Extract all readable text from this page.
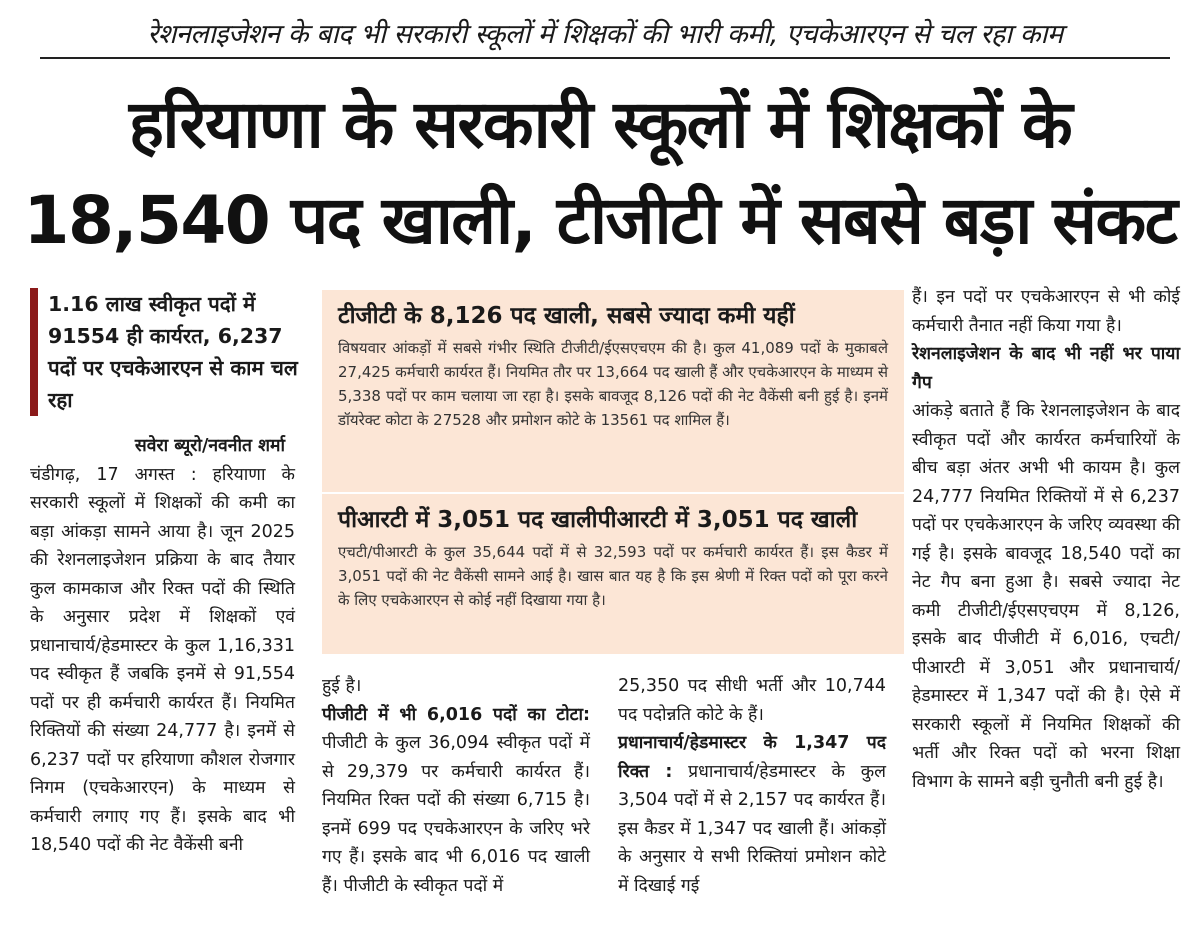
रेशनलाइजेशन के बाद भी सरकारी स्कूलों में शिक्षकों की भारी कमी, एचकेआरएन से चल रहा काम
हरियाणा के सरकारी स्कूलों में शिक्षकों के
18,540 पद खाली, टीजीटी में सबसे बड़ा संकट
1.16 लाख स्वीकृत पदों में 91554 ही कार्यरत, 6,237 पदों पर एचकेआरएन से काम चल रहा

सवेरा ब्यूरो/नवनीत शर्मा

चंडीगढ़, 17 अगस्त : हरियाणा के सरकारी स्कूलों में शिक्षकों की कमी का बड़ा आंकड़ा सामने आया है। जून 2025 की रेशनलाइजेशन प्रक्रिया के बाद तैयार कुल कामकाज और रिक्त पदों की स्थिति के अनुसार प्रदेश में शिक्षकों एवं प्रधानाचार्य/हेडमास्टर के कुल 1,16,331 पद स्वीकृत हैं जबकि इनमें से 91,554 पदों पर ही कर्मचारी कार्यरत हैं। नियमित रिक्तियों की संख्या 24,777 है। इनमें से 6,237 पदों पर हरियाणा कौशल रोजगार निगम (एचकेआरएन) के माध्यम से कर्मचारी लगाए गए हैं। इसके बाद भी 18,540 पदों की नेट वैकेंसी बनी

टीजीटी के 8,126 पद खाली, सबसे ज्यादा कमी यहीं
विषयवार आंकड़ों में सबसे गंभीर स्थिति टीजीटी/ईएसएचएम की है। कुल 41,089 पदों के मुकाबले 27,425 कर्मचारी कार्यरत हैं। नियमित तौर पर 13,664 पद खाली हैं और एचकेआरएन के माध्यम से 5,338 पदों पर काम चलाया जा रहा है। इसके बावजूद 8,126 पदों की नेट वैकेंसी बनी हुई है। इनमें डॉयरेक्ट कोटा के 27528 और प्रमोशन कोटे के 13561 पद शामिल हैं।
पीआरटी में 3,051 पद खालीपीआरटी में 3,051 पद खाली
एचटी/पीआरटी के कुल 35,644 पदों में से 32,593 पदों पर कर्मचारी कार्यरत हैं। इस कैडर में 3,051 पदों की नेट वैकेंसी सामने आई है। खास बात यह है कि इस श्रेणी में रिक्त पदों को पूरा करने के लिए एचकेआरएन से कोई नहीं दिखाया गया है।

हुई है।

पीजीटी में भी 6,016 पदों का टोटा: पीजीटी के कुल 36,094 स्वीकृत पदों में से 29,379 पर कर्मचारी कार्यरत हैं। नियमित रिक्त पदों की संख्या 6,715 है। इनमें 699 पद एचकेआरएन के जरिए भरे गए हैं। इसके बाद भी 6,016 पद खाली हैं। पीजीटी के स्वीकृत पदों में

25,350 पद सीधी भर्ती और 10,744 पद पदोन्नति कोटे के हैं।

प्रधानाचार्य/हेडमास्टर के 1,347 पद रिक्त : प्रधानाचार्य/हेडमास्टर के कुल 3,504 पदों में से 2,157 पद कार्यरत हैं। इस कैडर में 1,347 पद खाली हैं। आंकड़ों के अनुसार ये सभी रिक्तियां प्रमोशन कोटे में दिखाई गई

हैं। इन पदों पर एचकेआरएन से भी कोई कर्मचारी तैनात नहीं किया गया है।

रेशनलाइजेशन के बाद भी नहीं भर पाया गैप

आंकड़े बताते हैं कि रेशनलाइजेशन के बाद स्वीकृत पदों और कार्यरत कर्मचारियों के बीच बड़ा अंतर अभी भी कायम है। कुल 24,777 नियमित रिक्तियों में से 6,237 पदों पर एचकेआरएन के जरिए व्यवस्था की गई है। इसके बावजूद 18,540 पदों का नेट गैप बना हुआ है। सबसे ज्यादा नेट कमी टीजीटी/ईएसएचएम में 8,126, इसके बाद पीजीटी में 6,016, एचटी/पीआरटी में 3,051 और प्रधानाचार्य/हेडमास्टर में 1,347 पदों की है। ऐसे में सरकारी स्कूलों में नियमित शिक्षकों की भर्ती और रिक्त पदों को भरना शिक्षा विभाग के सामने बड़ी चुनौती बनी हुई है।
